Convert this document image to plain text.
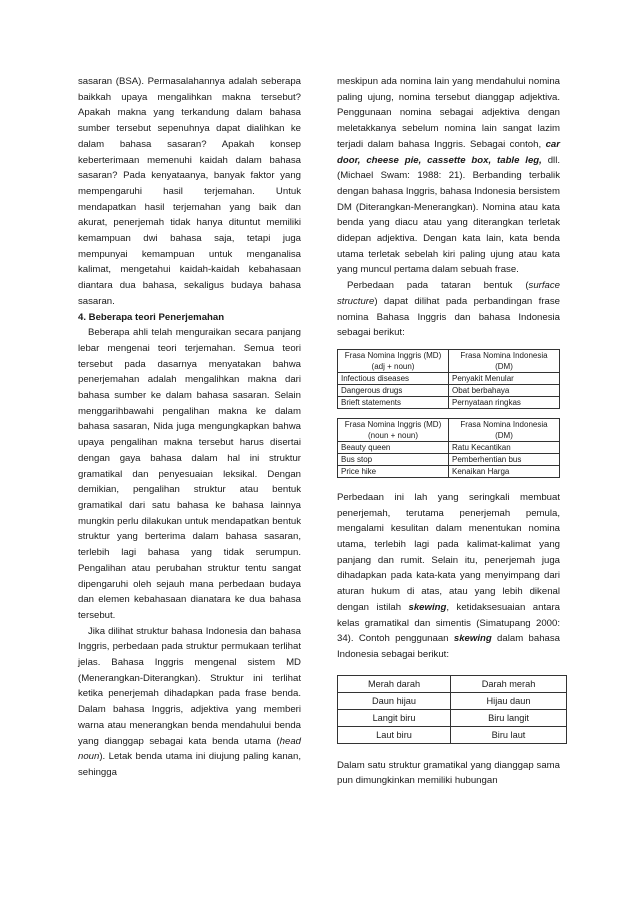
sasaran (BSA). Permasalahannya adalah seberapa baikkah upaya mengalihkan makna tersebut? Apakah makna yang terkandung dalam bahasa sumber tersebut sepenuhnya dapat dialihkan ke dalam bahasa sasaran? Apakah konsep keberterimaan memenuhi kaidah dalam bahasa sasaran? Pada kenyataanya, banyak faktor yang mempengaruhi hasil terjemahan. Untuk mendapatkan hasil terjemahan yang baik dan akurat, penerjemah tidak hanya dituntut memiliki kemampuan dwi bahasa saja, tetapi juga mempunyai kemampuan untuk menganalisa kalimat, mengetahui kaidah-kaidah kebahasaan diantara dua bahasa, sekaligus budaya bahasa sasaran.

4. Beberapa teori Penerjemahan

Beberapa ahli telah menguraikan secara panjang lebar mengenai teori terjemahan. Semua teori tersebut pada dasarnya menyatakan bahwa penerjemahan adalah mengalihkan makna dari bahasa sumber ke dalam bahasa sasaran. Selain menggarihbawahi pengalihan makna ke dalam bahasa sasaran, Nida juga mengungkapkan bahwa upaya pengalihan makna tersebut harus disertai dengan gaya bahasa dalam hal ini struktur gramatikal dan penyesuaian leksikal. Dengan demikian, pengalihan struktur atau bentuk gramatikal dari satu bahasa ke bahasa lainnya mungkin perlu dilakukan untuk mendapatkan bentuk struktur yang berterima dalam bahasa sasaran, terlebih lagi bahasa yang tidak serumpun. Pengalihan atau perubahan struktur tentu sangat dipengaruhi oleh sejauh mana perbedaan budaya dan elemen kebahasaan dianatara ke dua bahasa tersebut.

Jika dilihat struktur bahasa Indonesia dan bahasa Inggris, perbedaan pada struktur permukaan terlihat jelas. Bahasa Inggris mengenal sistem MD (Menerangkan-Diterangkan). Struktur ini terlihat ketika penerjemah dihadapkan pada frase benda. Dalam bahasa Inggris, adjektiva yang memberi warna atau menerangkan benda mendahului benda yang dianggap sebagai kata benda utama (head noun). Letak benda utama ini diujung paling kanan, sehingga

meskipun ada nomina lain yang mendahului nomina paling ujung, nomina tersebut dianggap adjektiva. Penggunaan nomina sebagai adjektiva dengan meletakkanya sebelum nomina lain sangat lazim terjadi dalam bahasa Inggris. Sebagai contoh, car door, cheese pie, cassette box, table leg, dll. (Michael Swam: 1988: 21). Berbanding terbalik dengan bahasa Inggris, bahasa Indonesia bersistem DM (Diterangkan-Menerangkan). Nomina atau kata benda yang diacu atau yang diterangkan terletak didepan adjektiva. Dengan kata lain, kata benda utama terletak sebelah kiri paling ujung atau kata yang muncul pertama dalam sebuah frase.

Perbedaan pada tataran bentuk (surface structure) dapat dilihat pada perbandingan frase nomina Bahasa Inggris dan bahasa Indonesia sebagai berikut:

Frasa Nomina Inggris (MD) (adj + noun)	Frasa Nomina Indonesia (DM)
Infectious diseases	Penyakit Menular
Dangerous drugs	Obat berbahaya
Brieft statements	Pernyataan ringkas
Frasa Nomina Inggris (MD) (noun + noun)	Frasa Nomina Indonesia (DM)
Beauty queen	Ratu Kecantikan
Bus stop	Pemberhentian bus
Price hike	Kenaikan Harga

Perbedaan ini lah yang seringkali membuat penerjemah, terutama penerjemah pemula, mengalami kesulitan dalam menentukan nomina utama, terlebih lagi pada kalimat-kalimat yang panjang dan rumit. Selain itu, penerjemah juga dihadapkan pada kata-kata yang menyimpang dari aturan hukum di atas, atau yang lebih dikenal dengan istilah skewing, ketidaksesuaian antara kelas gramatikal dan simentis (Simatupang 2000: 34). Contoh penggunaan skewing dalam bahasa Indonesia sebagai berikut:

Merah darah	Darah merah
Daun hijau	Hijau daun
Langit biru	Biru langit
Laut biru	Biru laut

Dalam satu struktur gramatikal yang dianggap sama pun dimungkinkan memiliki hubungan
